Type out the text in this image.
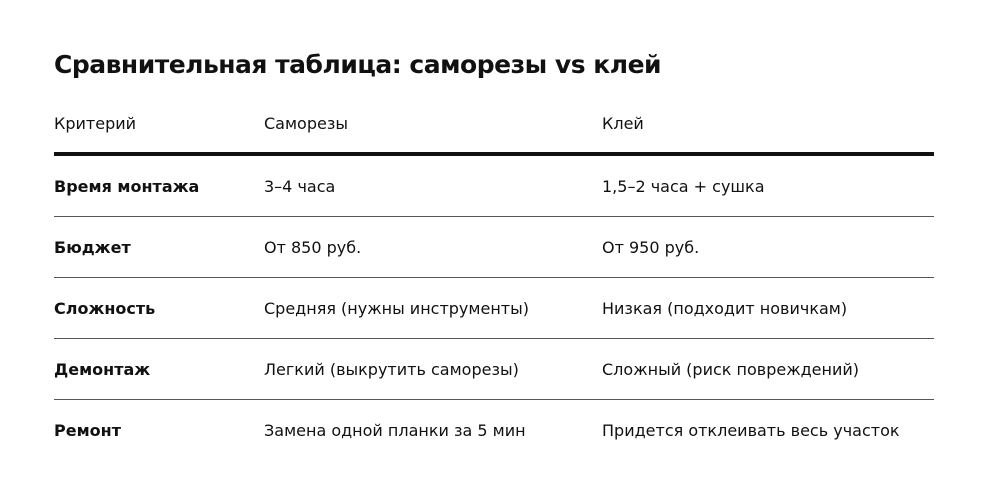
Сравнительная таблица: саморезы vs клей
Критерий	Саморезы	Клей
Время монтажа	3–4 часа	1,5–2 часа + сушка
Бюджет	От 850 руб.	От 950 руб.
Сложность	Средняя (нужны инструменты)	Низкая (подходит новичкам)
Демонтаж	Легкий (выкрутить саморезы)	Сложный (риск повреждений)
Ремонт	Замена одной планки за 5 мин	Придется отклеивать весь участок
